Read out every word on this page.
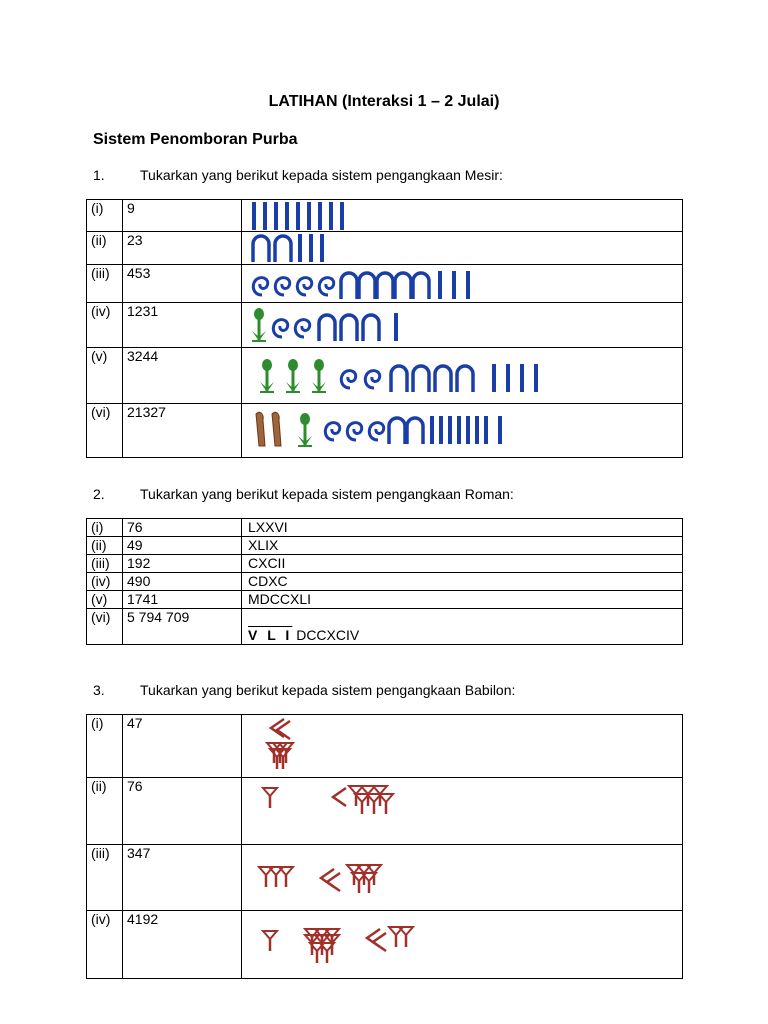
LATIHAN (Interaksi 1 – 2 Julai)
Sistem Penomboran Purba
1.	Tukarkan yang berikut kepada sistem pengangkaan Mesir:
(i)	9	

(ii)	23	

(iii)	453	

(iv)	1231	

(v)	3244	

(vi)	21327	
2.	Tukarkan yang berikut kepada sistem pengangkaan Roman:
(i)	76	LXXVI
(ii)	49	XLIX
(iii)	192	CXCII
(iv)	490	CDXC
(v)	1741	MDCCXLI
(vi)	5 794 709	V L I DCCXCIV
3.	Tukarkan yang berikut kepada sistem pengangkaan Babilon:
(i)	47	

(ii)	76	

(iii)	347	

(iv)	4192	
